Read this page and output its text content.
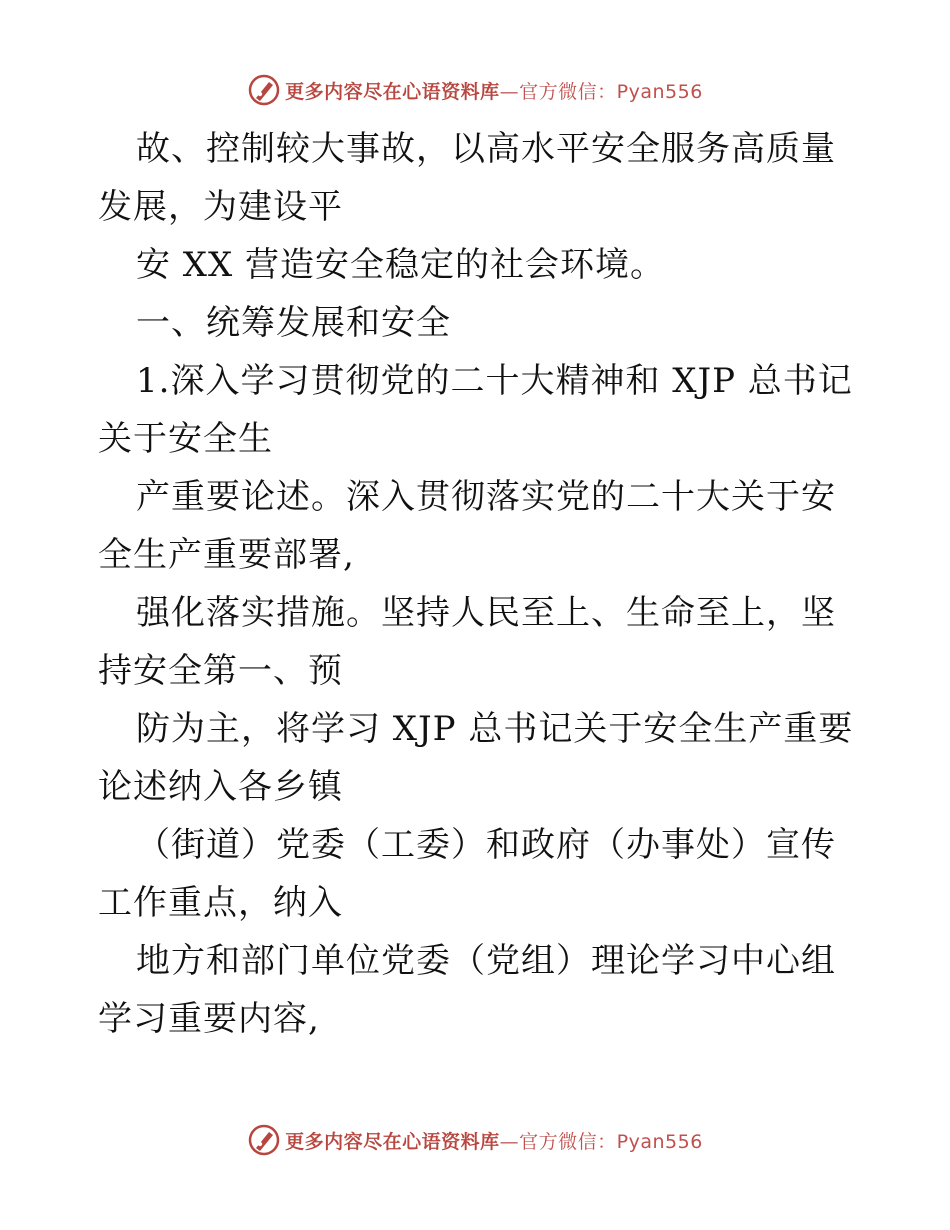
更多内容尽在心语资料库—官方微信：Pyan556

故、控制较大事故，以高水平安全服务高质量发展，为建设平

安 XX 营造安全稳定的社会环境。

一、统筹发展和安全

1.深入学习贯彻党的二十大精神和 XJP 总书记关于安全生

产重要论述。深入贯彻落实党的二十大关于安全生产重要部署,

强化落实措施。坚持人民至上、生命至上，坚持安全第一、预

防为主，将学习 XJP 总书记关于安全生产重要论述纳入各乡镇

（街道）党委（工委）和政府（办事处）宣传工作重点，纳入

地方和部门单位党委（党组）理论学习中心组学习重要内容,

更多内容尽在心语资料库—官方微信：Pyan556
